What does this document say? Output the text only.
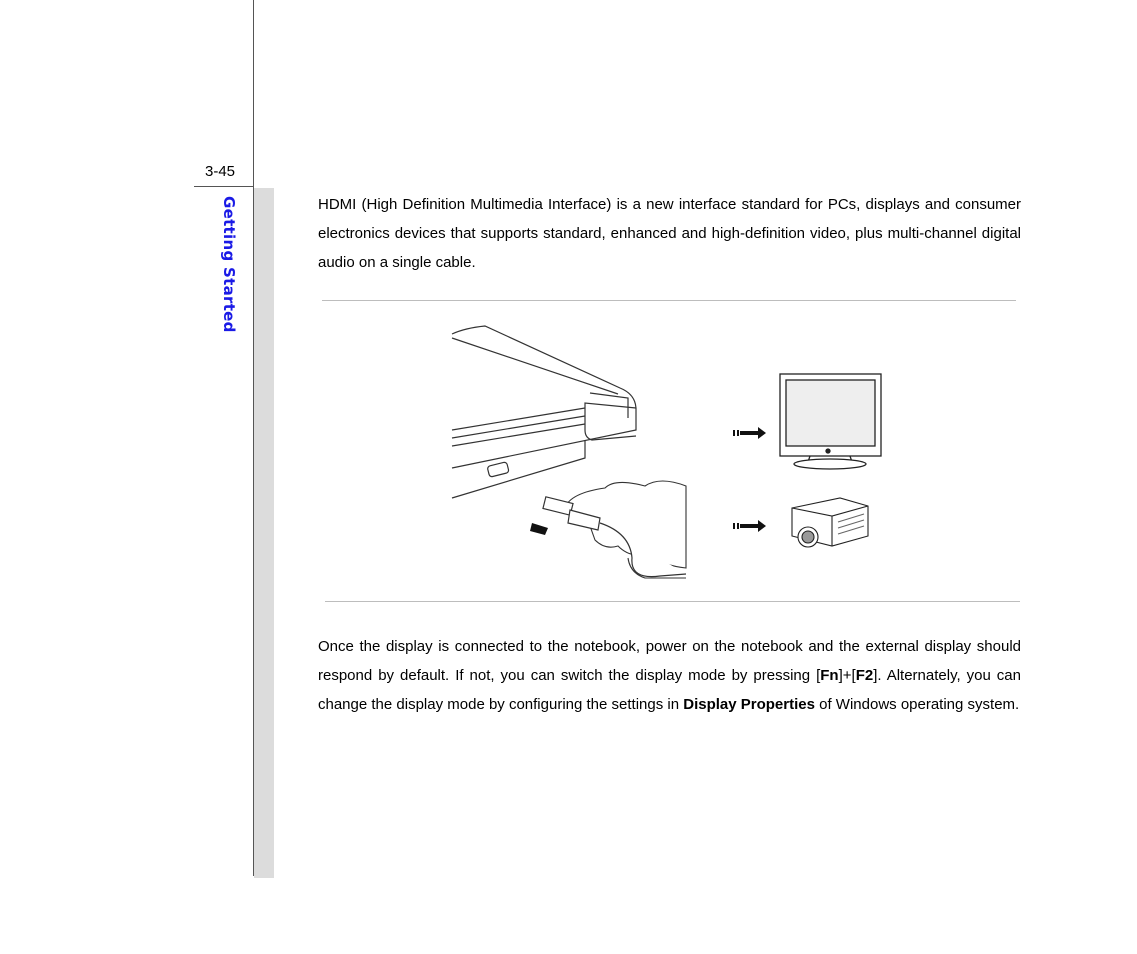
3-45
Getting Started	HDMI (High Definition Multimedia Interface) is a new interface standard for PCs, displays and consumer electronics devices that supports standard, enhanced and high-definition video, plus multi-channel digital audio on a single cable.

Once the display is connected to the notebook, power on the notebook and the external display should respond by default. If not, you can switch the display mode by pressing [Fn]+[F2]. Alternately, you can change the display mode by configuring the settings in Display Properties of Windows operating system.
